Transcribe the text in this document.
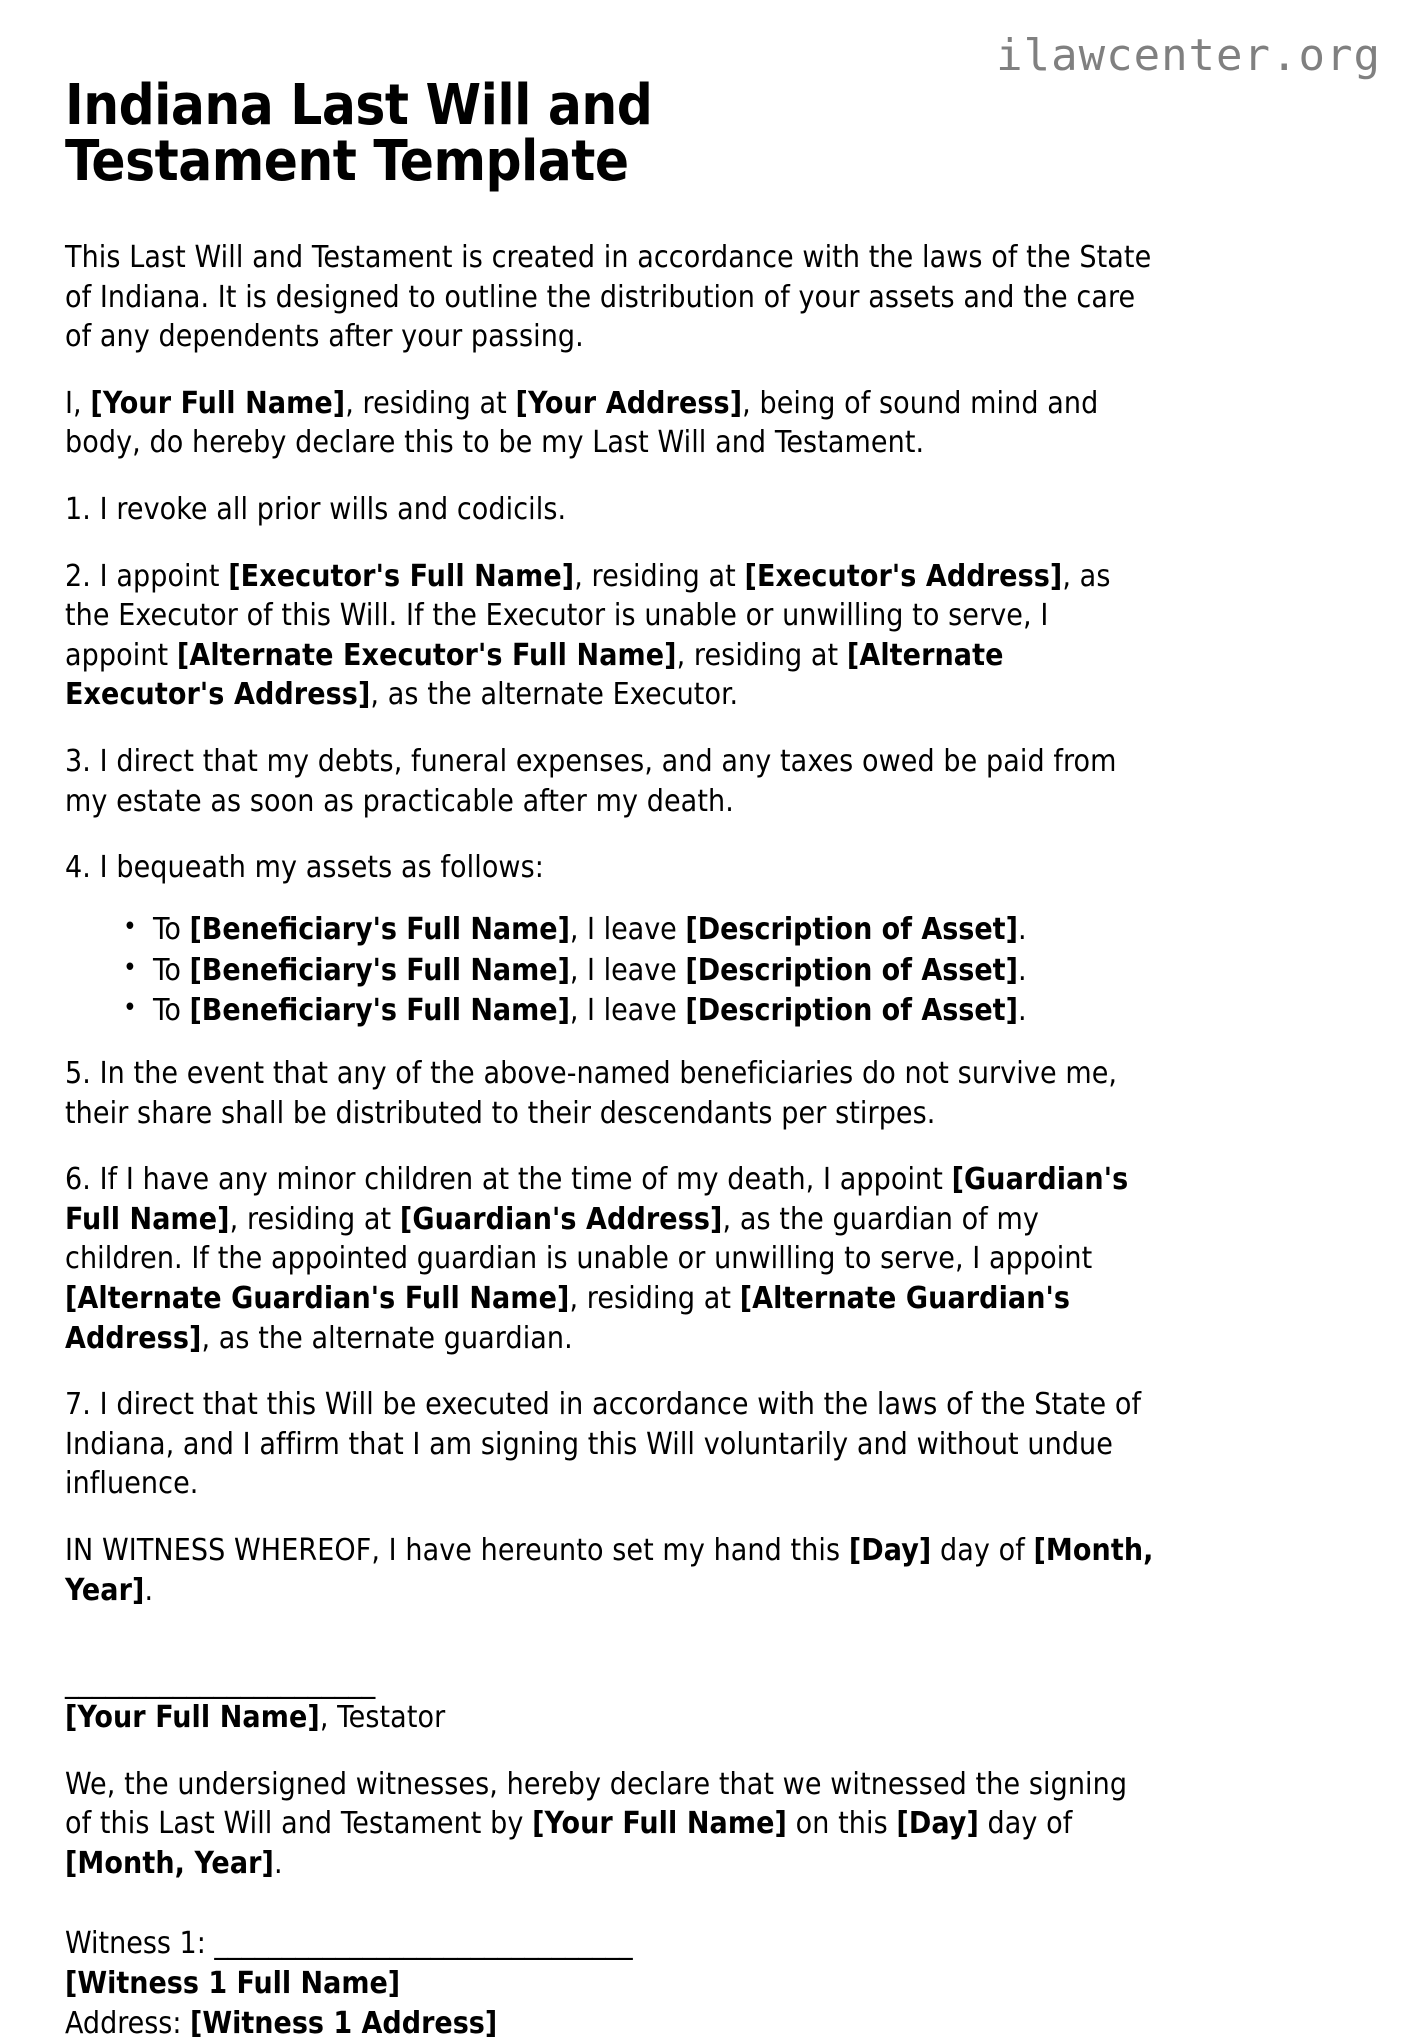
ilawcenter.org
Indiana Last Will and Testament Template

This Last Will and Testament is created in accordance with the laws of the State of Indiana. It is designed to outline the distribution of your assets and the care of any dependents after your passing.

I, [Your Full Name], residing at [Your Address], being of sound mind and body, do hereby declare this to be my Last Will and Testament.

1. I revoke all prior wills and codicils.

2. I appoint [Executor's Full Name], residing at [Executor's Address], as the Executor of this Will. If the Executor is unable or unwilling to serve, I appoint [Alternate Executor's Full Name], residing at [Alternate Executor's Address], as the alternate Executor.

3. I direct that my debts, funeral expenses, and any taxes owed be paid from my estate as soon as practicable after my death.

4. I bequeath my assets as follows:

• To [Beneficiary's Full Name], I leave [Description of Asset].
• To [Beneficiary's Full Name], I leave [Description of Asset].
• To [Beneficiary's Full Name], I leave [Description of Asset].

5. In the event that any of the above-named beneficiaries do not survive me, their share shall be distributed to their descendants per stirpes.

6. If I have any minor children at the time of my death, I appoint [Guardian's Full Name], residing at [Guardian's Address], as the guardian of my children. If the appointed guardian is unable or unwilling to serve, I appoint [Alternate Guardian's Full Name], residing at [Alternate Guardian's Address], as the alternate guardian.

7. I direct that this Will be executed in accordance with the laws of the State of Indiana, and I affirm that I am signing this Will voluntarily and without undue influence.

IN WITNESS WHEREOF, I have hereunto set my hand this [Day] day of [Month, Year].

_______________________

[Your Full Name], Testator

We, the undersigned witnesses, hereby declare that we witnessed the signing of this Last Will and Testament by [Your Full Name] on this [Day] day of [Month, Year].

Witness 1: _______________________________
[Witness 1 Full Name]
Address: [Witness 1 Address]
